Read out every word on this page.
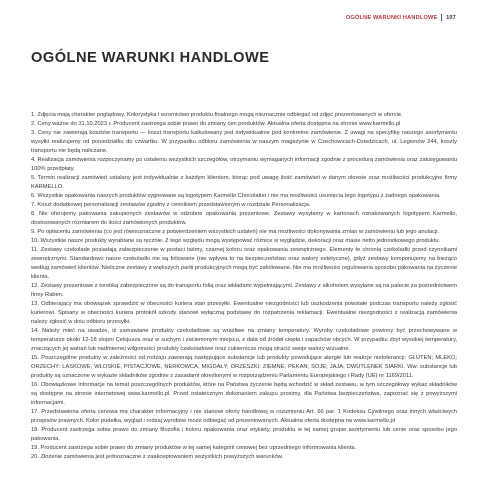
OGÓLNE WARUNKI HANDLOWE 107
OGÓLNE WARUNKI HANDLOWE

1. Zdjęcia mają charakter poglądowy. Kolorystyka i wzornictwo produktu finalnego mogą nieznacznie odbiegać od zdjęć prezentowanych w ofercie.

2. Ceny ważne do 31.10.2023 r. Producent zastrzega sobie prawo do zmiany cen produktów. Aktualna oferta dostępna na stronie www.karmello.pl

3. Ceny nie zawierają kosztów transportu — koszt transportu kalkulowany jest indywidualnie pod konkretne zamówienie. Z uwagi na specyfikę naszego asortymentu wysyłki realizujemy od poniedziałku do czwartku. W przypadku odbioru zamówienia w naszym magazynie w Czechowicach-Dziedzicach, ul. Legionów 244, koszty transportu nie będą naliczane.

4. Realizacja zamówienia rozpoczynamy po ustaleniu wszystkich szczegółów, otrzymaniu wymaganych informacji zgodnie z procedurą zamówienia oraz zaksięgowaniu 100% przedpłaty.

5. Termin realizacji zamówień ustalany jest indywidualnie z każdym klientem, biorąc pod uwagę ilość zamówień w danym okresie oraz możliwości produkcyjne firmy KARMELLO.

6. Wszystkie opakowania naszych produktów sygnowane są logotypem Karmello Chocolatier i nie ma możliwości usunięcia tego logotypu z żadnego opakowania.

7. Koszt dodatkowej personalizacji zestawów zgodny z cennikiem przedstawionym w rozdziale Personalizacja.

8. Nie oferujemy pakowania zakupionych zestawów w odzobne opakowania prezentowe. Zestawy wysyłamy w kartonach oznakowanych logotypem Karmello, dostosowanych rozmiarem do ilości zamówionych produktów.

9. Po opłaceniu zamówienia (co jest równoznaczne z potwierdzeniem wszystkich ustaleń) nie ma możliwości dokonywania zmian w zamówieniu lub jego anulacji.

10. Wszystkie nasze produkty wyrabiane są ręcznie. Z tego względu mogą występować różnice w wyglądzie, dekoracji oraz masie netto jednostkowego produktu.

11. Zestawy czekolade posiadają zabezpieczenie w postaci taśmy, czarnej koloru oraz opakowania zewnętrznego. Elementy te chronią czekoladki przed czynnikami zewnętrznymi. Standardowo nasze czekoladki nie są foliowane (nie wpływa to na bezpieczeństwo oraz walory estetyczne), gdyż zestawy komponujemy na bieżąco według zamówień klientów. Nieliczne zestawy z większych partii produkcyjnych mogą być zafoliowane. Nie ma możliwości regulowania sposobu pakowania na życzenie klienta.

12. Zestawy prezentowe z torebką zabezpieczone są do transportu folią oraz wkładami wypełniającymi. Zestawy z alkoholem wysyłane są na palecie za pośrednictwem firmy Raben.

13. Odbierający ma obowiązek sprawdzić w obecności kuriera stan przesyłki. Ewentualne niezgodności lub uszkodzenia powstałe podczas transportu należy zgłosić kurierowi. Spisany w obecności kuriera protokół szkody stanowi wyłączną podstawę do rozpatrzenia reklamacji. Ewentualne niezgodności z realizacją zamówienia należy zgłosić w dniu odbioru przesyłki.

14. Należy mieć na uwadze, iż zamawiane produkty czekoladowe są wrażliwe na zmiany temperatury. Wyroby czekoladowe powinny być przechowywane w temperaturze około 12-18 stopni Celsjusza oraz w suchym i zacienionym miejscu, z dala od źródeł ciepła i zapachów obcych. W przypadku zbyt wysokiej temperatury, znaczących jej wahań lub nadmiernej wilgotności produkty czekoladowe oraz cukiernicze mogą stracić swoje walory wizualne.

15. Poszczególne produkty w zależności od rodzaju zawierają następujące substancje lub produkty powodujące alergie lub reakcje nietolerancji: GLUTEN; MLEKO; ORZECHY: LASKOWE, WŁOSKIE, PISTACJOWE, NERKOWCA, MIGDAŁY; ORZESZKI: ZIEMNE, PEKAN; SOJE; JAJA; DWUTLENEK SIARKI. Ww. substancje lub produkty są oznaczone w wykazie składników zgodnie z zasadami określonymi w rozporządzeniu Parlamentu Europejskiego i Rady (UE) nr 1169/2011.

16. Obowiązkowe informacje na temat poszczególnych produktów, które na Państwa życzenie będą wchodzić w skład zestawu, w tym szczegółowy wykaz składników są dostępne na stronie internetowej www.karmello.pl. Przed ostatecznym dokonaniem zakupu prosimy, dla Państwa bezpieczeństwa, zapoznać się z powyższymi informacjami.

17. Przedstawiona oferta cenowa ma charakter informacyjny i nie stanowi oferty handlowej w rozumieniu Art. 66 par. 1 Kodeksu Cywilnego oraz innych właściwych przepisów prawnych. Kolor pudełka, wygląd i rodzaj wyrobów może odbiegać od prezentowanych. Aktualna oferta dostępna na www.karmello.pl

18. Producent zastrzega sobie prawo do zmiany filozofia i koloru opakowania oraz etykiety, produktu w tej samej grupie asortymentu lub cenie oraz sposobu jego pakowania.

19. Producent zastrzega sobie prawo do zmiany produktów w tej samej kategorii cenowej bez uprzedniego informowania klienta.

20. Złożenie zamówienia jest jednoznaczne z zaakceptowaniem wszystkich powyższych warunków.
